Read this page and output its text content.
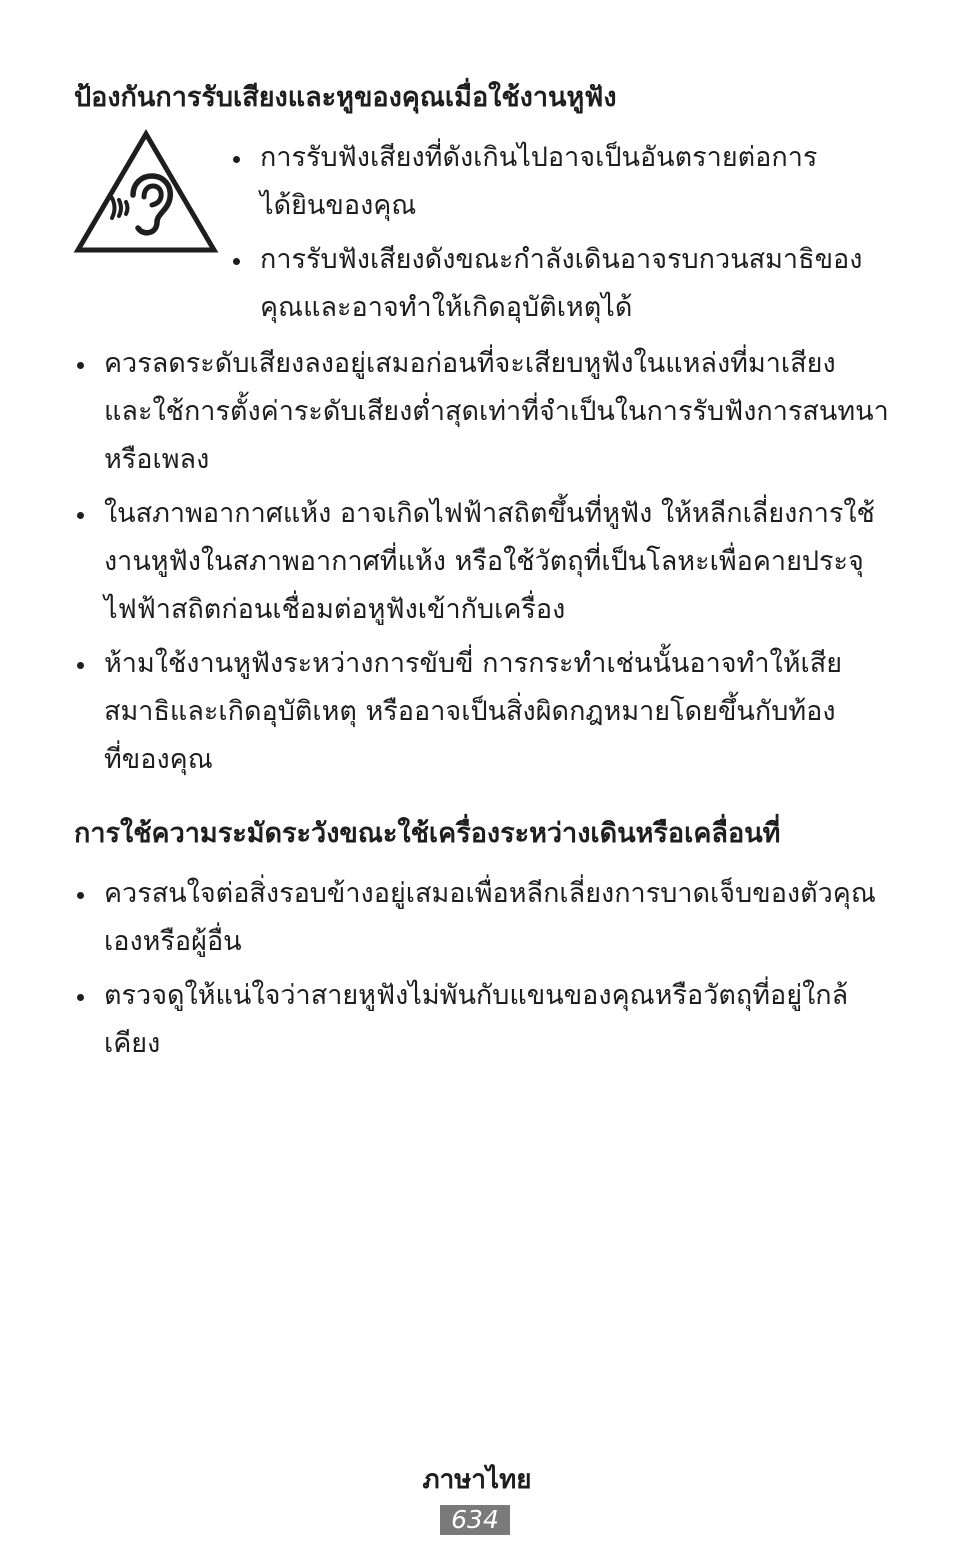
ป้องกันการรับเสียงและหูของคุณเมื่อใช้งานหูฟัง
การรับฟังเสียงที่ดังเกินไปอาจเป็นอันตรายต่อการ
ได้ยินของคุณ
การรับฟังเสียงดังขณะกำลังเดินอาจรบกวนสมาธิของ
คุณและอาจทำให้เกิดอุบัติเหตุได้
ควรลดระดับเสียงลงอยู่เสมอก่อนที่จะเสียบหูฟังในแหล่งที่มาเสียง
และใช้การตั้งค่าระดับเสียงต่ำสุดเท่าที่จำเป็นในการรับฟังการสนทนา
หรือเพลง
ในสภาพอากาศแห้ง อาจเกิดไฟฟ้าสถิตขึ้นที่หูฟัง ให้หลีกเลี่ยงการใช้
งานหูฟังในสภาพอากาศที่แห้ง หรือใช้วัตถุที่เป็นโลหะเพื่อคายประจุ
ไฟฟ้าสถิตก่อนเชื่อมต่อหูฟังเข้ากับเครื่อง
ห้ามใช้งานหูฟังระหว่างการขับขี่ การกระทำเช่นนั้นอาจทำให้เสีย
สมาธิและเกิดอุบัติเหตุ หรืออาจเป็นสิ่งผิดกฎหมายโดยขึ้นกับท้อง
ที่ของคุณ
การใช้ความระมัดระวังขณะใช้เครื่องระหว่างเดินหรือเคลื่อนที่
ควรสนใจต่อสิ่งรอบข้างอยู่เสมอเพื่อหลีกเลี่ยงการบาดเจ็บของตัวคุณ
เองหรือผู้อื่น
ตรวจดูให้แน่ใจว่าสายหูฟังไม่พันกับแขนของคุณหรือวัตถุที่อยู่ใกล้
เคียง
ภาษาไทย
634
